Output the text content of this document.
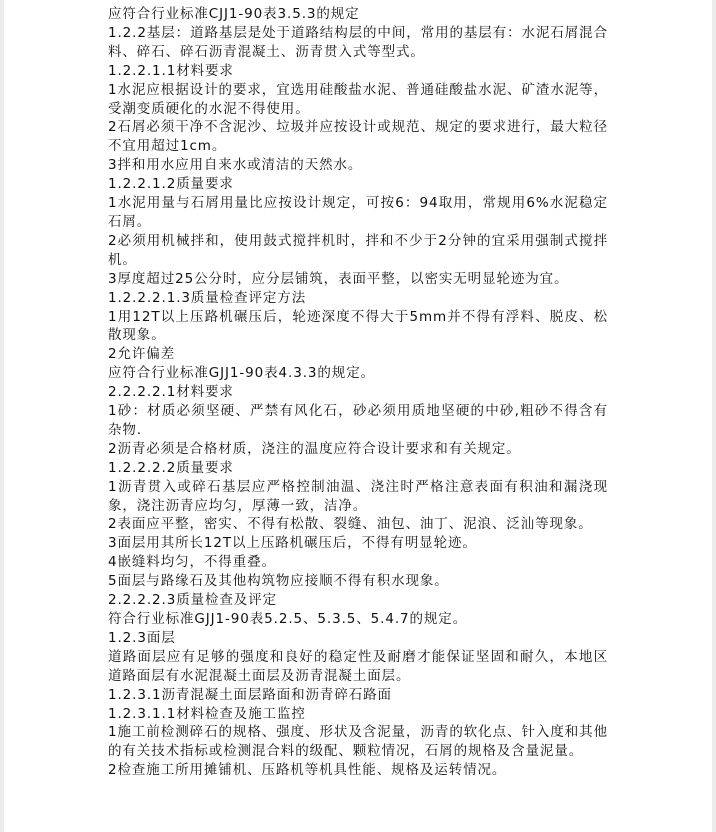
应符合行业标准CJJ1-90表3.5.3的规定

1.2.2基层：道路基层是处于道路结构层的中间，常用的基层有：水泥石屑混合料、碎石、碎石沥青混凝土、沥青贯入式等型式。

1.2.2.1.1材料要求

1水泥应根据设计的要求，宜选用硅酸盐水泥、普通硅酸盐水泥、矿渣水泥等，受潮变质硬化的水泥不得使用。

2石屑必须干净不含泥沙、垃圾并应按设计或规范、规定的要求进行，最大粒径不宜用超过1cm。

3拌和用水应用自来水或清洁的天然水。

1.2.2.1.2质量要求

1水泥用量与石屑用量比应按设计规定，可按6：94取用，常规用6%水泥稳定石屑。

2必须用机械拌和，使用鼓式搅拌机时，拌和不少于2分钟的宜采用强制式搅拌机。

3厚度超过25公分时，应分层铺筑，表面平整，以密实无明显轮迹为宜。

1.2.2.2.1.3质量检查评定方法

1用12T以上压路机碾压后，轮迹深度不得大于5mm并不得有浮料、脱皮、松散现象。

2允许偏差

应符合行业标准GJJ1-90表4.3.3的规定。

2.2.2.2.1材料要求

1砂：材质必须坚硬、严禁有风化石，砂必须用质地坚硬的中砂,粗砂不得含有杂物.

2沥青必须是合格材质，浇注的温度应符合设计要求和有关规定。

1.2.2.2.2质量要求

1沥青贯入或碎石基层应严格控制油温、浇注时严格注意表面有积油和漏浇现象，浇注沥青应均匀，厚薄一致，洁净。

2表面应平整，密实、不得有松散、裂缝、油包、油丁、泥浪、泛汕等现象。

3面层用其所长12T以上压路机碾压后，不得有明显轮迹。

4嵌缝料均匀，不得重叠。

5面层与路缘石及其他构筑物应接顺不得有积水现象。

2.2.2.2.3质量检查及评定

符合行业标准GJJ1-90表5.2.5、5.3.5、5.4.7的规定。

1.2.3面层

道路面层应有足够的强度和良好的稳定性及耐磨才能保证坚固和耐久，本地区道路面层有水泥混凝土面层及沥青混凝土面层。

1.2.3.1沥青混凝土面层路面和沥青碎石路面

1.2.3.1.1材料检查及施工监控

1施工前检测碎石的规格、强度、形状及含泥量，沥青的软化点、针入度和其他的有关技术指标或检测混合料的级配、颗粒情况，石屑的规格及含量泥量。

2检查施工所用摊铺机、压路机等机具性能、规格及运转情况。
